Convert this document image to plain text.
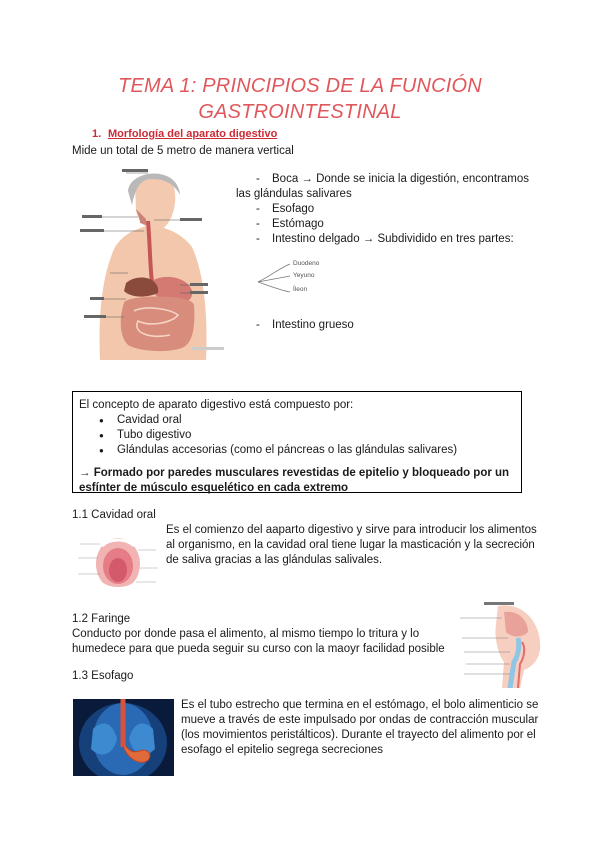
TEMA 1: PRINCIPIOS DE LA FUNCIÓN
GASTROINTESTINAL
1. Morfología del aparato digestivo
Mide un total de 5 metro de manera vertical
- Boca → Donde se inicia la digestión, encontramos
las glándulas salivares
- Esofago
- Estómago
- Intestino delgado → Subdividido en tres partes:
Duodeno
Yeyuno
Íleon
- Intestino grueso
El concepto de aparato digestivo está compuesto por:
● Cavidad oral
● Tubo digestivo
● Glándulas accesorias (como el páncreas o las glándulas salivares)
→ Formado por paredes musculares revestidas de epitelio y bloqueado por un
esfínter de músculo esquelético en cada extremo
1.1 Cavidad oral
Es el comienzo del aaparto digestivo y sirve para introducir los alimentos
al organismo, en la cavidad oral tiene lugar la masticación y la secreción
de saliva gracias a las glándulas salivales.
1.2 Faringe
Conducto por donde pasa el alimento, al mismo tiempo lo tritura y lo
humedece para que pueda seguir su curso con la maoyr facilidad posible
1.3 Esofago
Es el tubo estrecho que termina en el estómago, el bolo alimenticio se
mueve a través de este impulsado por ondas de contracción muscular
(los movimientos peristálticos). Durante el trayecto del alimento por el
esofago el epitelio segrega secreciones
